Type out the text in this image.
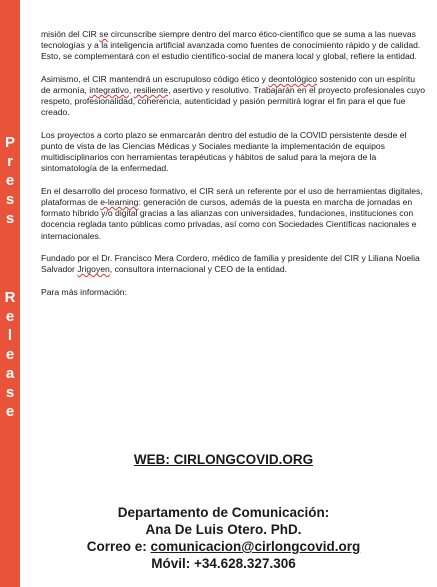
P
r
e
s
s
R
e
l
e
a
s
e

misión del CIR se circunscribe siempre dentro del marco ético-científico que se suma a las nuevas tecnologías y a la inteligencia artificial avanzada como fuentes de conocimiento rápido y de calidad. Esto, se complementará con el estudio científico-social de manera local y global, refiere la entidad.

Asimismo, el CIR mantendrá un escrupuloso código ético y deontológico sostenido con un espíritu de armonía, integrativo, resiliente, asertivo y resolutivo. Trabajarán en el proyecto profesionales cuyo respeto, profesionalidad, coherencia, autenticidad y pasión permitirá lograr el fin para el que fue creado.

Los proyectos a corto plazo se enmarcarán dentro del estudio de la COVID persistente desde el punto de vista de las Ciencias Médicas y Sociales mediante la implementación de equipos multidisciplinarios con herramientas terapéuticas y hábitos de salud para la mejora de la sintomatología de la enfermedad.

En el desarrollo del proceso formativo, el CIR será un referente por el uso de herramientas digitales, plataformas de e-learning: generación de cursos, además de la puesta en marcha de jornadas en formato híbrido y/o digital gracias a las alianzas con universidades, fundaciones, instituciones con docencia reglada tanto públicas como privadas, así como con Sociedades Científicas nacionales e internacionales.

Fundado por el Dr. Francisco Mera Cordero, médico de familia y presidente del CIR y Liliana Noelia Salvador Jrigoyen, consultora internacional y CEO de la entidad.

Para más información:

WEB: CIRLONGCOVID.ORG
Departamento de Comunicación:
Ana De Luis Otero. PhD.
Correo e: comunicacion@cirlongcovid.org
Móvil: +34.628.327.306
